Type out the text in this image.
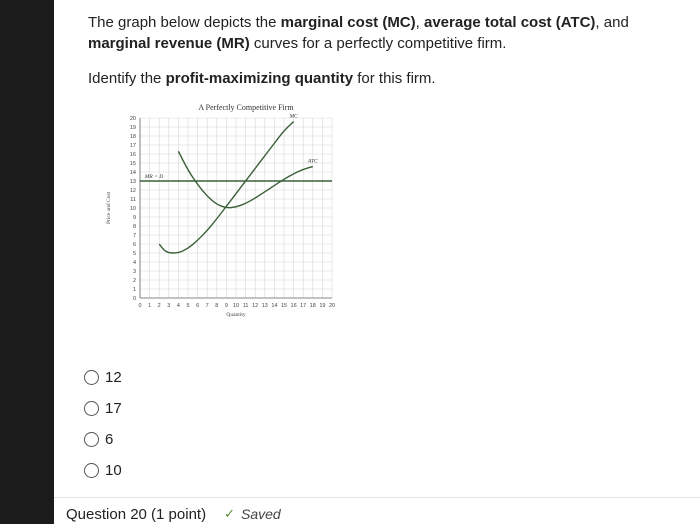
The graph below depicts the marginal cost (MC), average total cost (ATC), and marginal revenue (MR) curves for a perfectly competitive firm.
Identify the profit-maximizing quantity for this firm.
0 1 2 3 4 5 6 7 8 9 10 11 12 13 14 15 16 17 18 19 20
0
1
2
3
4
5
6
7
8
9
10
11
12
13
14
15
16
17
18
19
20
A Perfectly Competitive Firm
Quantity
Price and Cost
MC
ATC
MR = D
12
17
6
10
Question 20 (1 point) ✓ Saved
